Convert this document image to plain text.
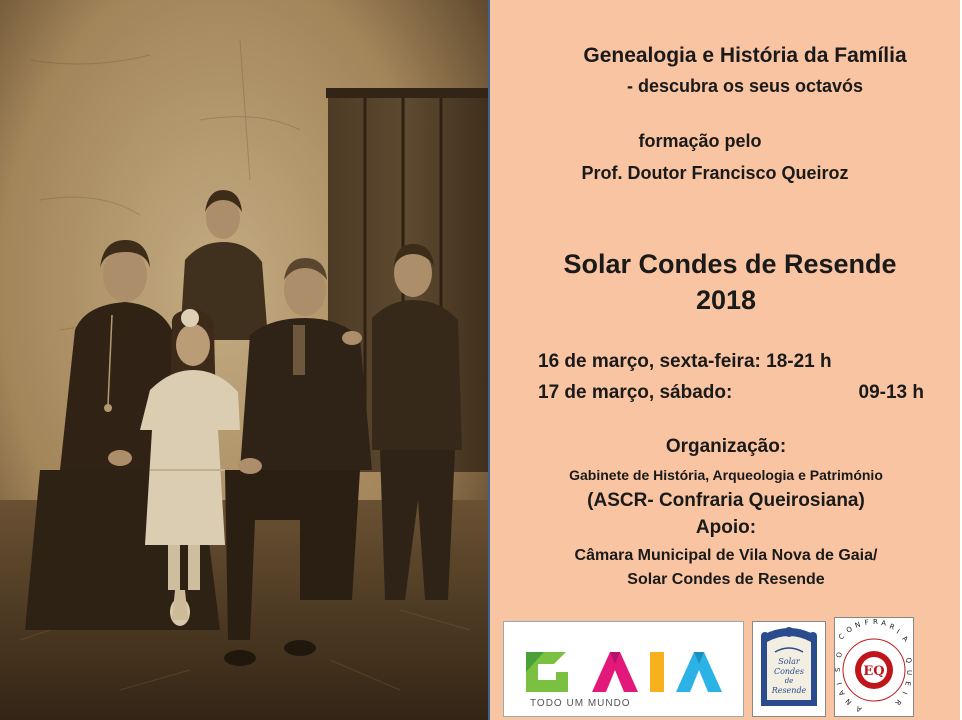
Genealogia e História da Família
- descubra os seus octavós
formação pelo
Prof. Doutor Francisco Queiroz
Solar Condes de Resende
2018
16 de março, sexta-feira: 18-21 h
17 de março, sábado:	09-13 h
Organização:
Gabinete de História, Arqueologia e Património
(ASCR- Confraria Queirosiana)
Apoio:
Câmara Municipal de Vila Nova de Gaia/
Solar Condes de Resende
TODO UM MUNDO
Solar
Condes
de
Resende
EQ
C
O N F R A R
I
A
Q
U
E
I
R
O
S
I
A
N
A
